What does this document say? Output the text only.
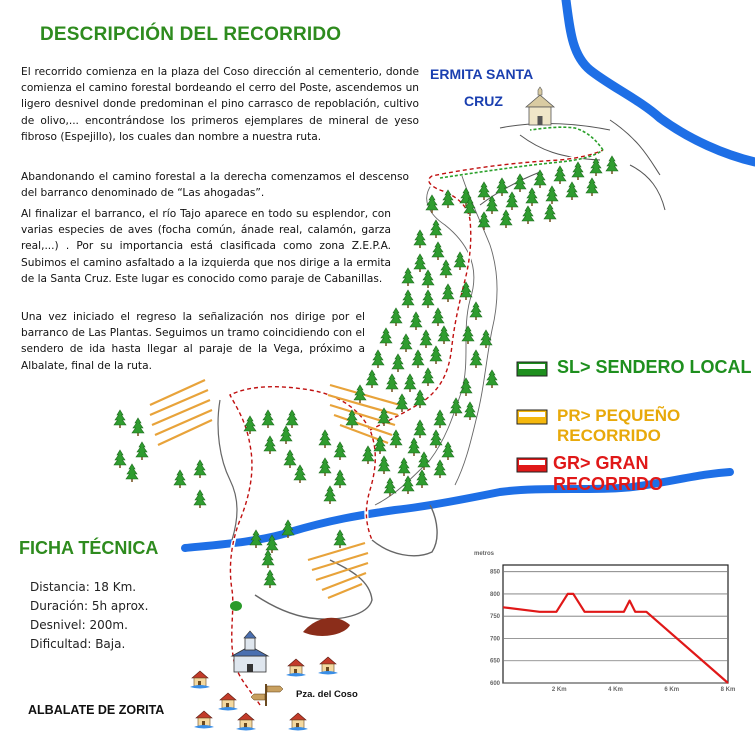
metros
600
650
700
750
800
850
2 Km	4 Km	6 Km	8 Km
DESCRIPCIÓN DEL RECORRIDO

El recorrido comienza en la plaza del Coso dirección al cementerio, donde comienza el camino forestal bordeando el cerro del Poste, ascendemos un ligero desnivel donde predominan el pino carrasco de repoblación, cultivo de olivo,... encontrándose los primeros ejemplares de mineral de yeso fibroso (Espejillo), los cuales dan nombre a nuestra ruta.

Abandonando el camino forestal a la derecha comenzamos el descenso del barranco denominado de “Las ahogadas”.

Al finalizar el barranco, el río Tajo aparece en todo su esplendor, con varias especies de aves (focha común, ánade real, calamón, garza real,...) . Por su importancia está clasificada como zona Z.E.P.A. Subimos el camino asfaltado a la izquierda que nos dirige a la ermita de la Santa Cruz. Este lugar es conocido como paraje de Cabanillas.

Una vez iniciado el regreso la señalización nos dirige por el barranco de Las Plantas. Seguimos un tramo coincidiendo con el sendero de ida hasta llegar al paraje de la Vega, próximo a Albalate, final de la ruta.

ERMITA SANTA
CRUZ
SL> SENDERO LOCAL
PR> PEQUEÑO RECORRIDO
GR> GRAN RECORRIDO
FICHA TÉCNICA
Distancia: 18 Km.
Duración: 5h aprox.
Desnivel: 200m.
Dificultad: Baja.
ALBALATE DE ZORITA
Pza. del Coso
